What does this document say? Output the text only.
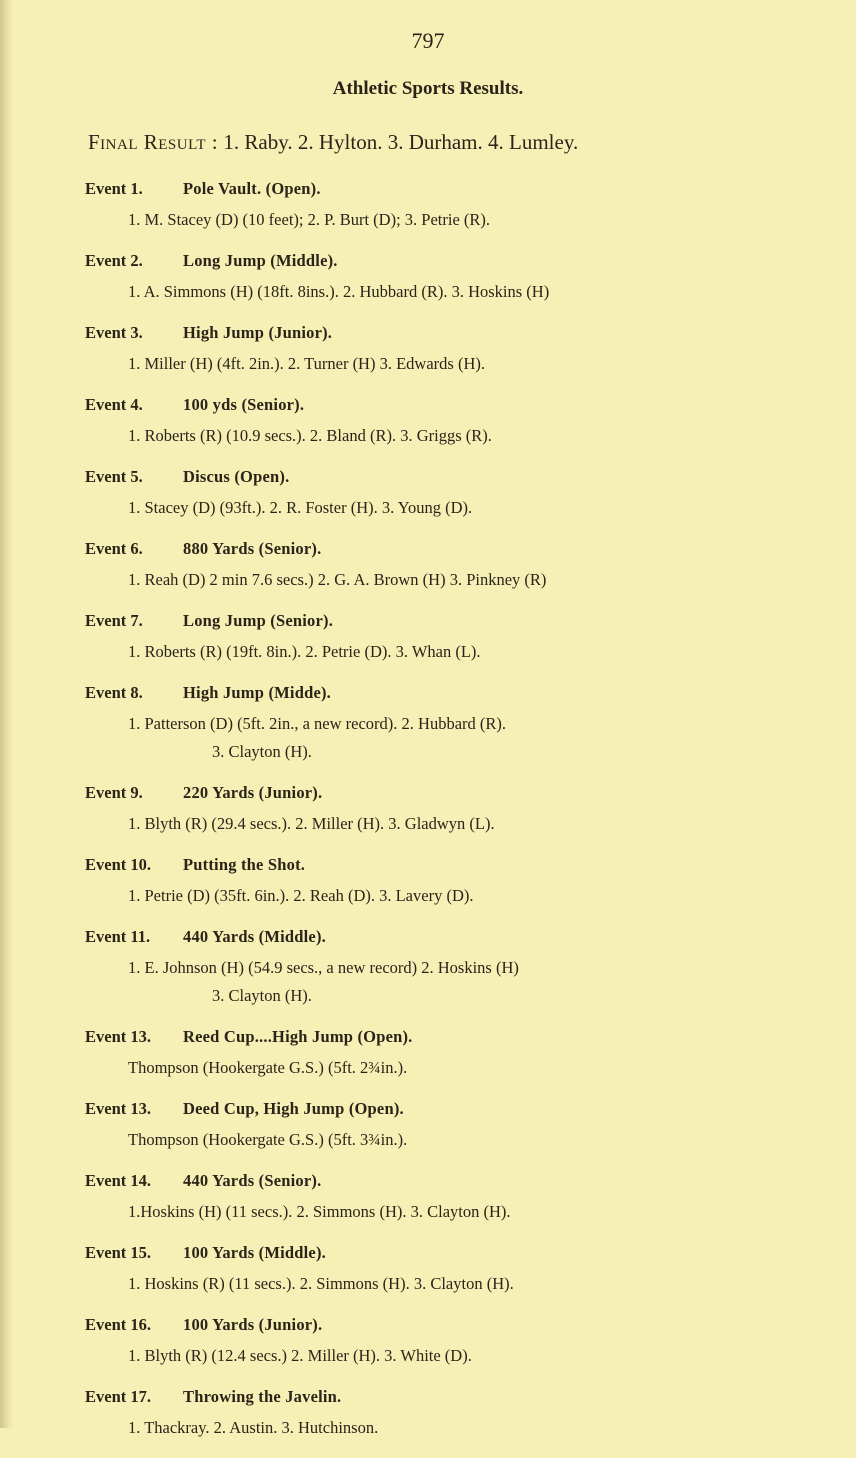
797
Athletic Sports Results.
Final Result : 1. Raby. 2. Hylton. 3. Durham. 4. Lumley.
Event 1. Pole Vault. (Open).
1. M. Stacey (D) (10 feet); 2. P. Burt (D); 3. Petrie (R).
Event 2. Long Jump (Middle).
1. A. Simmons (H) (18ft. 8ins.). 2. Hubbard (R). 3. Hoskins (H)
Event 3. High Jump (Junior).
1. Miller (H) (4ft. 2in.). 2. Turner (H) 3. Edwards (H).
Event 4. 100 yds (Senior).
1. Roberts (R) (10.9 secs.). 2. Bland (R). 3. Griggs (R).
Event 5. Discus (Open).
1. Stacey (D) (93ft.). 2. R. Foster (H). 3. Young (D).
Event 6. 880 Yards (Senior).
1. Reah (D) 2 min 7.6 secs.) 2. G. A. Brown (H) 3. Pinkney (R)
Event 7. Long Jump (Senior).
1. Roberts (R) (19ft. 8in.). 2. Petrie (D). 3. Whan (L).
Event 8. High Jump (Midde).
1. Patterson (D) (5ft. 2in., a new record). 2. Hubbard (R).
3. Clayton (H).
Event 9. 220 Yards (Junior).
1. Blyth (R) (29.4 secs.). 2. Miller (H). 3. Gladwyn (L).
Event 10. Putting the Shot.
1. Petrie (D) (35ft. 6in.). 2. Reah (D). 3. Lavery (D).
Event 11. 440 Yards (Middle).
1. E. Johnson (H) (54.9 secs., a new record) 2. Hoskins (H)
3. Clayton (H).
Event 13. Reed Cup....High Jump (Open).
Thompson (Hookergate G.S.) (5ft. 2¾in.).
Event 13. Deed Cup, High Jump (Open).
Thompson (Hookergate G.S.) (5ft. 3¾in.).
Event 14. 440 Yards (Senior).
1.Hoskins (H) (11 secs.). 2. Simmons (H). 3. Clayton (H).
Event 15. 100 Yards (Middle).
1. Hoskins (R) (11 secs.). 2. Simmons (H). 3. Clayton (H).
Event 16. 100 Yards (Junior).
1. Blyth (R) (12.4 secs.) 2. Miller (H). 3. White (D).
Event 17. Throwing the Javelin.
1. Thackray. 2. Austin. 3. Hutchinson.
